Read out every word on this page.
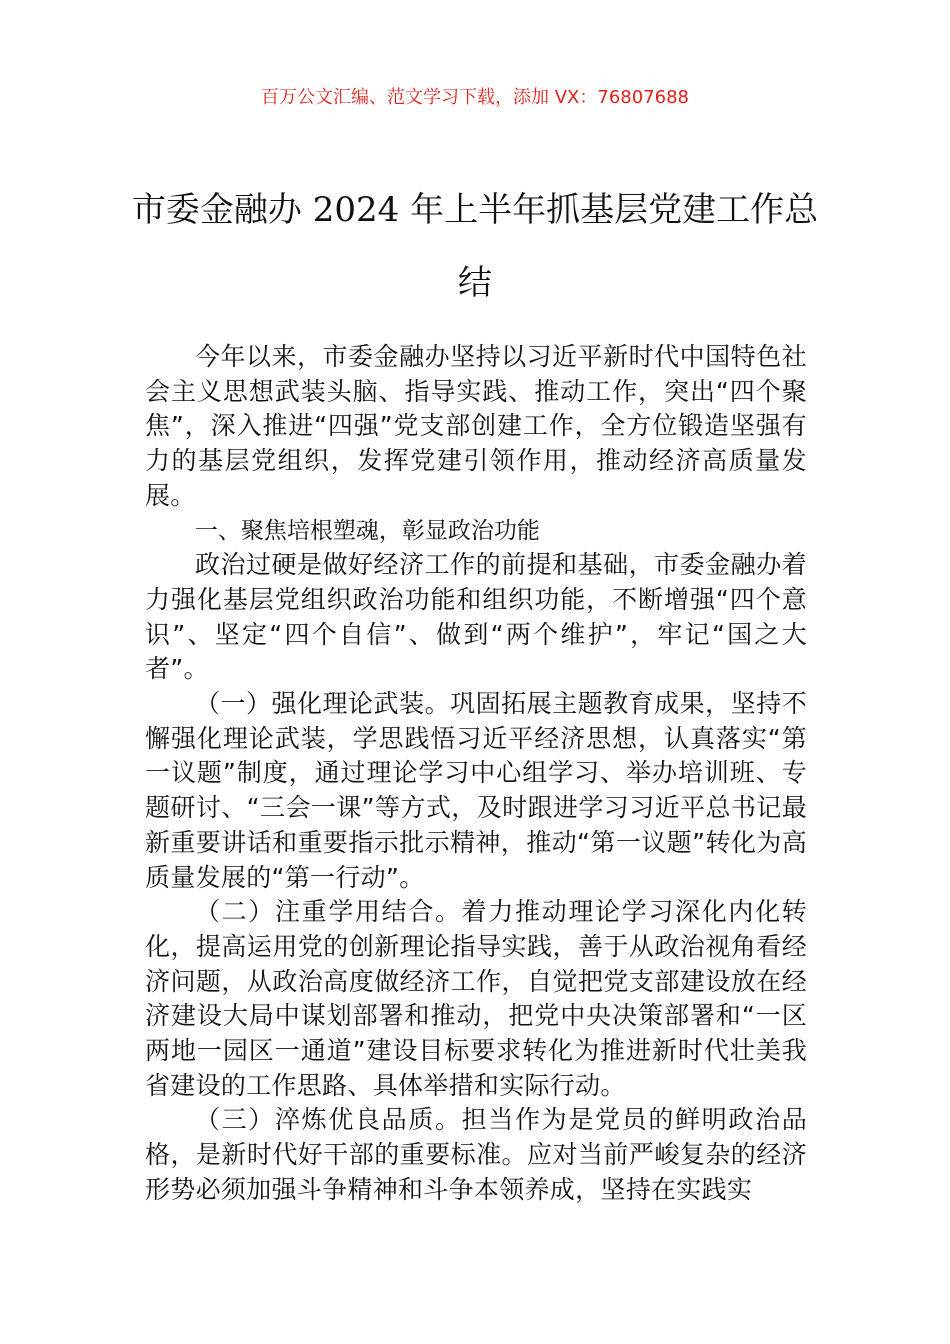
百万公文汇编、范文学习下载，添加 VX：76807688
市委金融办 2024 年上半年抓基层党建工作总结

今年以来，市委金融办坚持以习近平新时代中国特色社会主义思想武装头脑、指导实践、推动工作，突出“四个聚焦”，深入推进“四强”党支部创建工作，全方位锻造坚强有力的基层党组织，发挥党建引领作用，推动经济高质量发展。

一、聚焦培根塑魂，彰显政治功能

政治过硬是做好经济工作的前提和基础，市委金融办着力强化基层党组织政治功能和组织功能，不断增强“四个意识”、坚定“四个自信”、做到“两个维护”，牢记“国之大者”。

（一）强化理论武装。巩固拓展主题教育成果，坚持不懈强化理论武装，学思践悟习近平经济思想，认真落实“第一议题”制度，通过理论学习中心组学习、举办培训班、专题研讨、“三会一课”等方式，及时跟进学习习近平总书记最新重要讲话和重要指示批示精神，推动“第一议题”转化为高质量发展的“第一行动”。

（二）注重学用结合。着力推动理论学习深化内化转化，提高运用党的创新理论指导实践，善于从政治视角看经济问题，从政治高度做经济工作，自觉把党支部建设放在经济建设大局中谋划部署和推动，把党中央决策部署和“一区两地一园区一通道”建设目标要求转化为推进新时代壮美我省建设的工作思路、具体举措和实际行动。

（三）淬炼优良品质。担当作为是党员的鲜明政治品格，是新时代好干部的重要标准。应对当前严峻复杂的经济形势必须加强斗争精神和斗争本领养成，坚持在实践实
